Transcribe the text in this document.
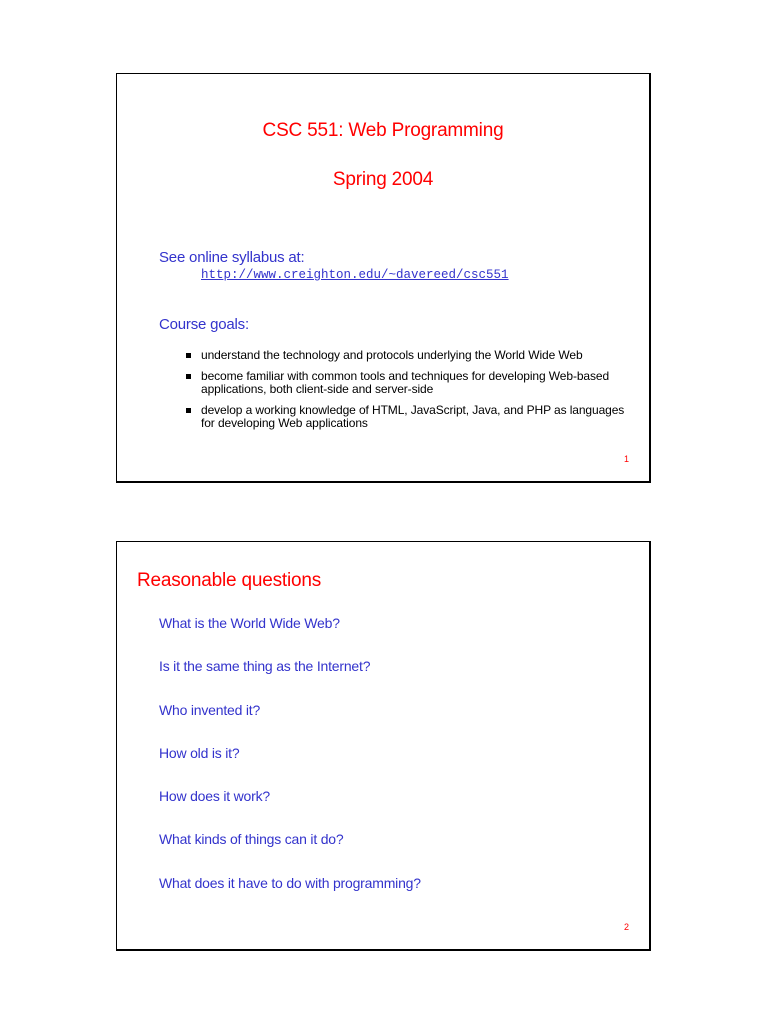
CSC 551: Web Programming
Spring 2004
See online syllabus at:
http://www.creighton.edu/~davereed/csc551
Course goals:
understand the technology and protocols underlying the World Wide Web
become familiar with common tools and techniques for developing Web-based applications, both client-side and server-side
develop a working knowledge of HTML, JavaScript, Java, and PHP as languages for developing Web applications
1
Reasonable questions
What is the World Wide Web?
Is it the same thing as the Internet?
Who invented it?
How old is it?
How does it work?
What kinds of things can it do?
What does it have to do with programming?
2
